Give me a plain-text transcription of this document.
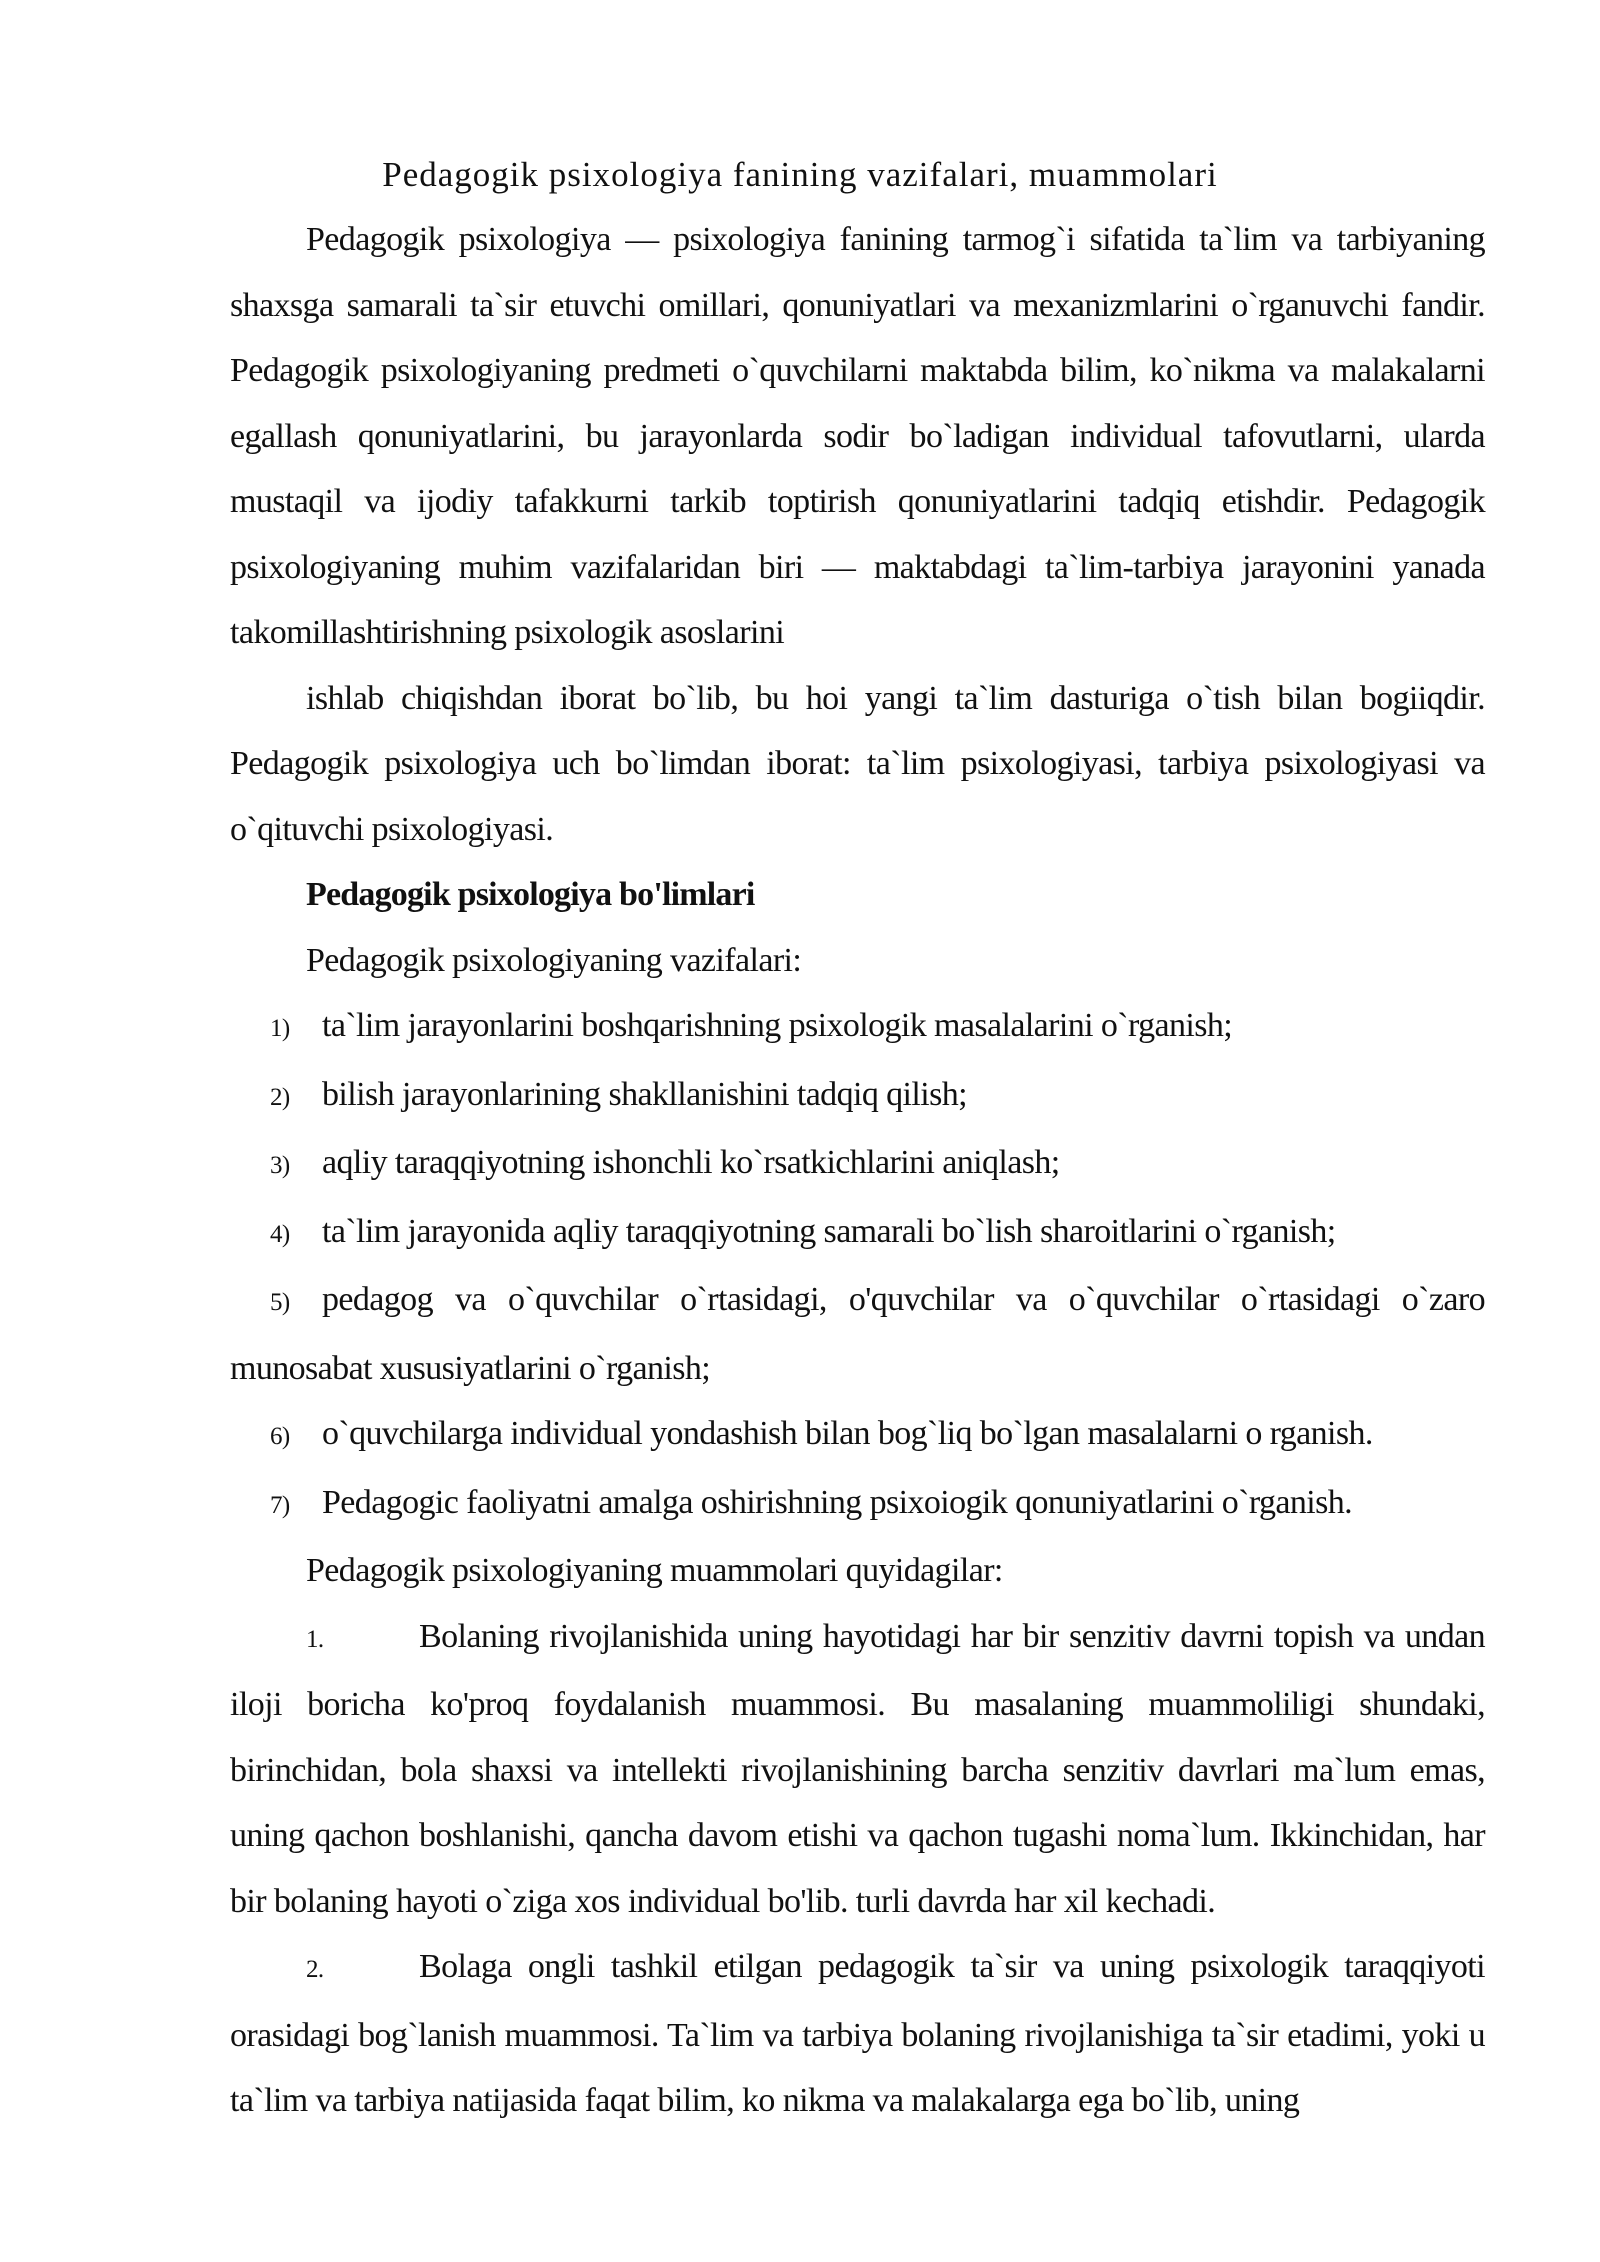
Pedagogik psixologiya fanining vazifalari, muammolari

Pedagogik psixologiya — psixologiya fanining tarmog`i sifatida ta`lim va tarbiyaning shaxsga samarali ta`sir etuvchi omillari, qonuniyatlari va mexanizmlarini o`rganuvchi fandir. Pedagogik psixologiyaning predmeti o`quvchilarni maktabda bilim, ko`nikma va malakalarni egallash qonuniyatlarini, bu jarayonlarda sodir bo`ladigan individual tafovutlarni, ularda mustaqil va ijodiy tafakkurni tarkib toptirish qonuniyatlarini tadqiq etishdir. Pedagogik psixologiyaning muhim vazifalaridan biri — maktabdagi ta`lim-tarbiya jarayonini yanada takomillashtirishning psixologik asoslarini

ishlab chiqishdan iborat bo`lib, bu hoi yangi ta`lim dasturiga o`tish bilan bogiiqdir. Pedagogik psixologiya uch bo`limdan iborat: ta`lim psixologiyasi, tarbiya psixologiyasi va o`qituvchi psixologiyasi.

Pedagogik psixologiya bo'limlari

Pedagogik psixologiyaning vazifalari:

1) ta`lim jarayonlarini boshqarishning psixologik masalalarini o`rganish;

2) bilish jarayonlarining shakllanishini tadqiq qilish;

3) aqliy taraqqiyotning ishonchli ko`rsatkichlarini aniqlash;

4) ta`lim jarayonida aqliy taraqqiyotning samarali bo`lish sharoitlarini o`rganish;

5) pedagog va o`quvchilar o`rtasidagi, o'quvchilar va o`quvchilar o`rtasidagi o`zaro munosabat xususiyatlarini o`rganish;

6) o`quvchilarga individual yondashish bilan bog`liq bo`lgan masalalarni o rganish.

7) Pedagogic faoliyatni amalga oshirishning psixoiogik qonuniyatlarini o`rganish.

Pedagogik psixologiyaning muammolari quyidagilar:

1.	Bolaning rivojlanishida uning hayotidagi har bir senzitiv davrni topish va undan iloji boricha ko'proq foydalanish muammosi. Bu masalaning muammoliligi shundaki, birinchidan, bola shaxsi va intellekti rivojlanishining barcha senzitiv davrlari ma`lum emas, uning qachon boshlanishi, qancha davom etishi va qachon tugashi noma`lum. Ikkinchidan, har bir bolaning hayoti o`ziga xos individual bo'lib. turli davrda har xil kechadi.

2.	Bolaga ongli tashkil etilgan pedagogik ta`sir va uning psixologik taraqqiyoti orasidagi bog`lanish muammosi. Ta`lim va tarbiya bolaning rivojlanishiga ta`sir etadimi, yoki u ta`lim va tarbiya natijasida faqat bilim, ko nikma va malakalarga ega bo`lib, uning
